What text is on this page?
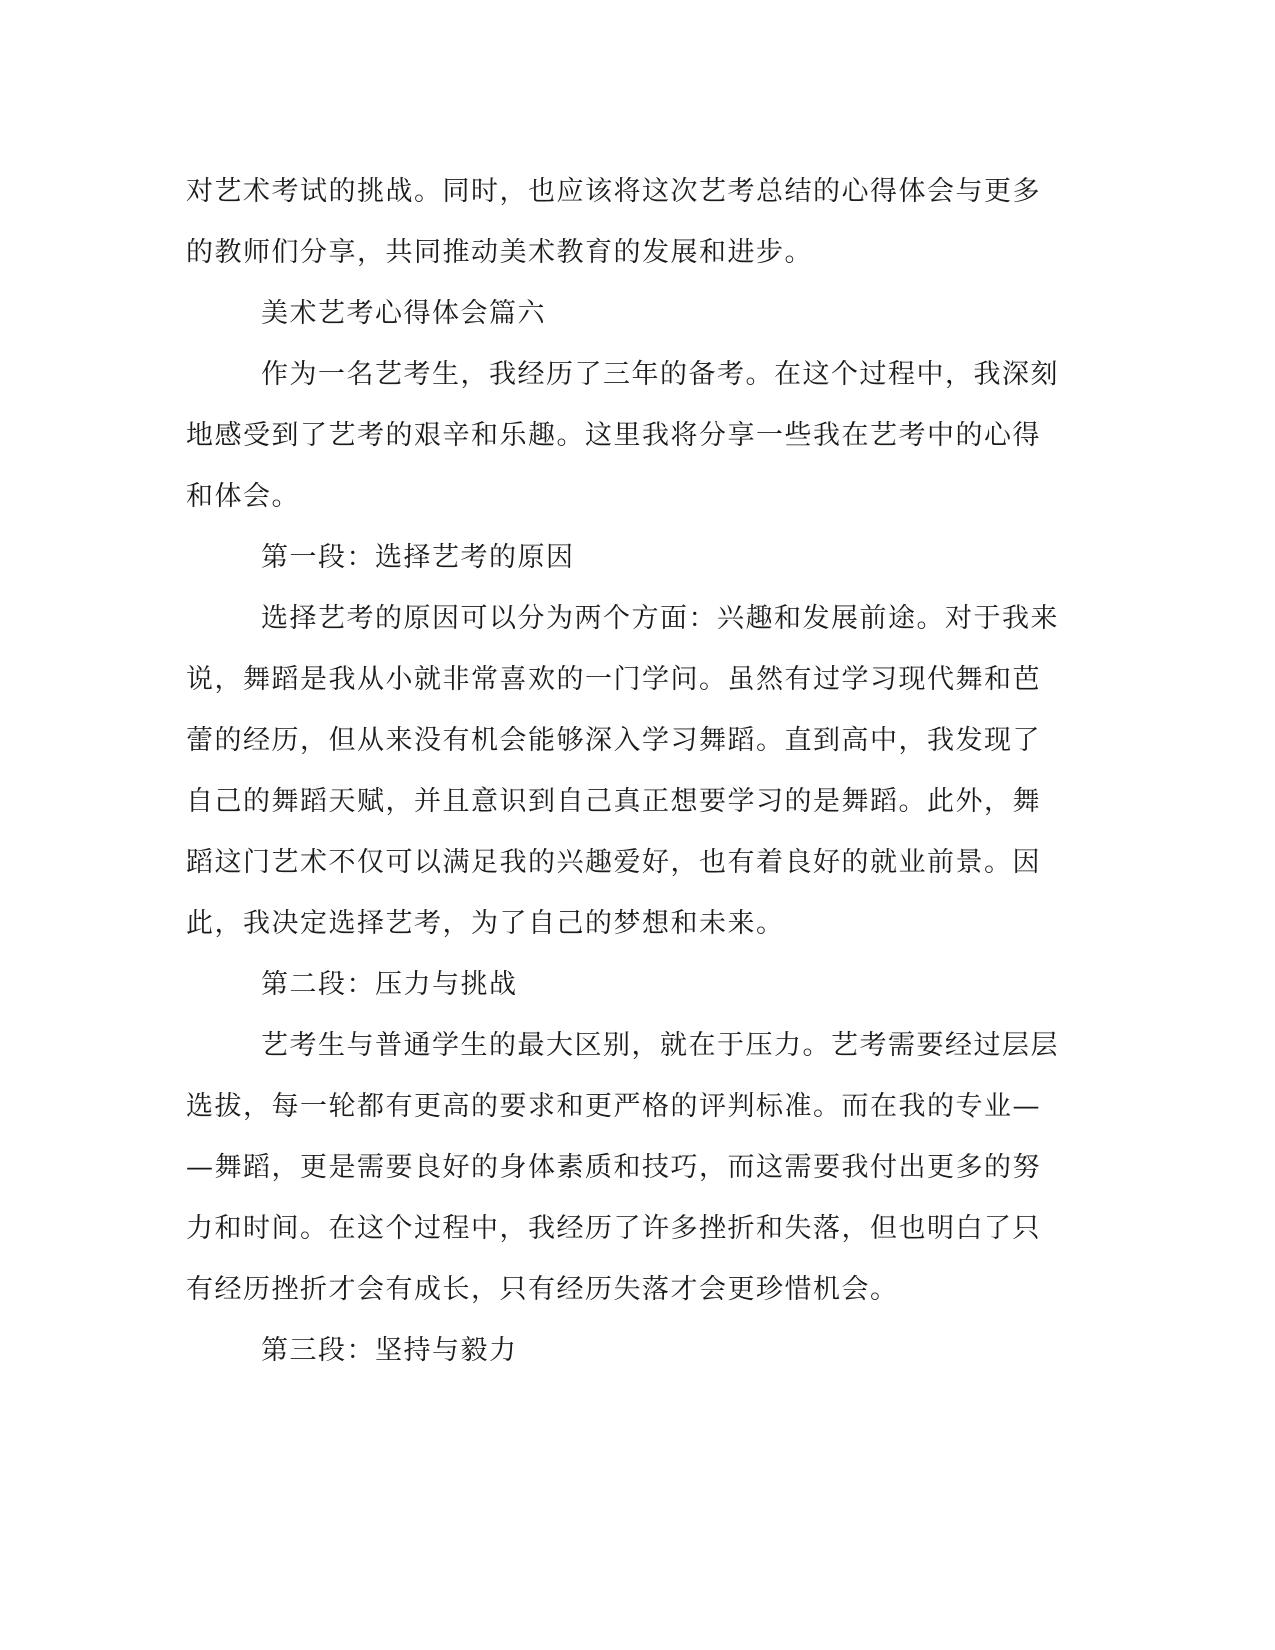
对艺术考试的挑战。同时，也应该将这次艺考总结的心得体会与更多
的教师们分享，共同推动美术教育的发展和进步。
美术艺考心得体会篇六
作为一名艺考生，我经历了三年的备考。在这个过程中，我深刻
地感受到了艺考的艰辛和乐趣。这里我将分享一些我在艺考中的心得
和体会。
第一段：选择艺考的原因
选择艺考的原因可以分为两个方面：兴趣和发展前途。对于我来
说，舞蹈是我从小就非常喜欢的一门学问。虽然有过学习现代舞和芭
蕾的经历，但从来没有机会能够深入学习舞蹈。直到高中，我发现了
自己的舞蹈天赋，并且意识到自己真正想要学习的是舞蹈。此外，舞
蹈这门艺术不仅可以满足我的兴趣爱好，也有着良好的就业前景。因
此，我决定选择艺考，为了自己的梦想和未来。
第二段：压力与挑战
艺考生与普通学生的最大区别，就在于压力。艺考需要经过层层
选拔，每一轮都有更高的要求和更严格的评判标准。而在我的专业—
—舞蹈，更是需要良好的身体素质和技巧，而这需要我付出更多的努
力和时间。在这个过程中，我经历了许多挫折和失落，但也明白了只
有经历挫折才会有成长，只有经历失落才会更珍惜机会。
第三段：坚持与毅力
